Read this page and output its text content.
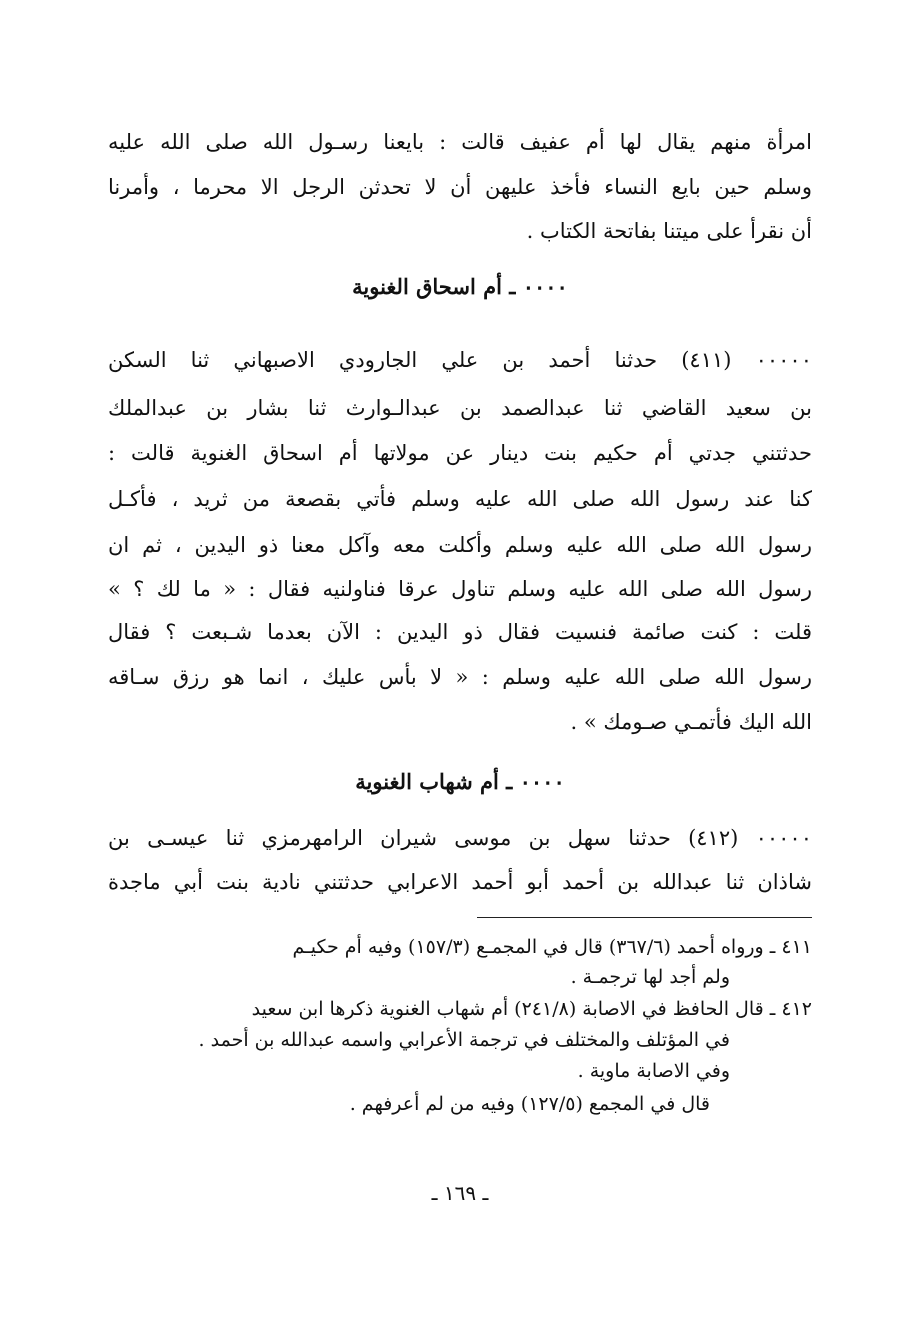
امرأة منهم يقال لها أم عفيف قالت : بايعنا رسـول الله صلى الله عليه
وسلم حين بايع النساء فأخذ عليهن أن لا تحدثن الرجل الا محرما ، وأمرنا
أن نقرأ على ميتنا بفاتحة الكتاب .
٠٠٠٠ ـ أم اسحاق الغنوية
٠٠٠٠٠ (٤١١) حدثنا أحمد بن علي الجارودي الاصبهاني ثنا السكن
بن سعيد القاضي ثنا عبدالصمد بن عبدالـوارث ثنا بشار بن عبدالملك
حدثتني جدتي أم حكيم بنت دينار عن مولاتها أم اسحاق الغنوية قالت :
كنا عند رسول الله صلى الله عليه وسلم فأتي بقصعة من ثريد ، فأكـل
رسول الله صلى الله عليه وسلم وأكلت معه وآكل معنا ذو اليدين ، ثم ان
رسول الله صلى الله عليه وسلم تناول عرقا فناولنيه فقال : « ما لك ؟ »
قلت : كنت صائمة فنسيت فقال ذو اليدين : الآن بعدما شـبعت ؟ فقال
رسول الله صلى الله عليه وسلم : « لا بأس عليك ، انما هو رزق سـاقه
الله اليك فأتمـي صـومك » .
٠٠٠٠ ـ أم شهاب الغنوية
٠٠٠٠٠ (٤١٢) حدثنا سهل بن موسى شيران الرامهرمزي ثنا عيسـى بن
شاذان ثنا عبدالله بن أحمد أبو أحمد الاعرابي حدثتني نادية بنت أبي ماجدة
٤١١ ـ ورواه أحمد (٣٦٧/٦) قال في المجمـع (١٥٧/٣) وفيه أم حكيـم
ولم أجد لها ترجمـة .
٤١٢ ـ قال الحافظ في الاصابة (٢٤١/٨) أم شهاب الغنوية ذكرها ابن سعيد
في المؤتلف والمختلف في ترجمة الأعرابي واسمه عبدالله بن أحمد .
وفي الاصابة ماوية .
قال في المجمع (١٢٧/٥) وفيه من لم أعرفهم .
ـ ١٦٩ ـ
